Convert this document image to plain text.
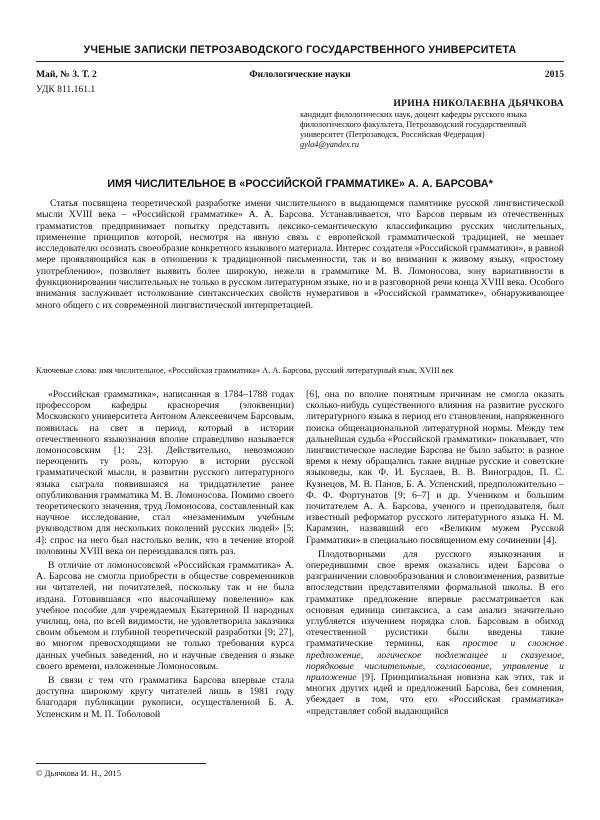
УЧЕНЫЕ ЗАПИСКИ ПЕТРОЗАВОДСКОГО ГОСУДАРСТВЕННОГО УНИВЕРСИТЕТА
Май, № 3. Т. 2	Филологические науки	2015
УДК 811.161.1
ИРИНА НИКОЛАЕВНА ДЬЯЧКОВА
кандидат филологических наук, доцент кафедры русского языка филологического факультета, Петрозаводский государственный университет (Петрозаводск, Российская Федерация)
gyla4@yandex.ru
ИМЯ ЧИСЛИТЕЛЬНОЕ В «РОССИЙСКОЙ ГРАММАТИКЕ» А. А. БАРСОВА*

Статья посвящена теоретической разработке имени числительного в выдающемся памятнике русской лингвистической мысли XVIII века – «Российской грамматике» А. А. Барсова. Устанавливается, что Барсов первым из отечественных грамматистов предпринимает попытку представить лексико-семантическую классификацию русских числительных, применение принципов которой, несмотря на явную связь с европейской грамматической традицией, не мешает исследователю осознать своеобразие конкретного языкового материала. Интерес создателя «Российской грамматики», в равной мере проявляющийся как в отношении к традиционной письменности, так и во внимании к живому языку, «простому употреблению», позволяет выявить более широкую, нежели в грамматике М. В. Ломоносова, зону вариативности в функционировании числительных не только в русском литературном языке, но и в разговорной речи конца XVIII века. Особого внимания заслуживает истолкование синтаксических свойств нумеративов в «Российской грамматике», обнаруживающее много общего с их современной лингвистической интерпретацией.

Ключевые слова: имя числительное, «Российская грамматика» А. А. Барсова, русский литературный язык, XVIII век

«Российская грамматика», написанная в 1784–1788 годах профессором кафедры красноречия (элоквенции) Московского университета Антоном Алексеевичем Барсовым, появилась на свет в период, который в истории отечественного языкознания вполне справедливо называется ломоносовским [1; 23]. Действительно, невозможно переоценить ту роль, которую в истории русской грамматической мысли, в развитии русского литературного языка сыграла появившаяся на тридцатилетие ранее опубликования грамматика М. В. Ломоносова. Помимо своего теоретического значения, труд Ломоносова, составленный как научное исследование, стал «незаменимым учебным руководством для нескольких поколений русских людей» [5; 4]: спрос на него был настолько велик, что в течение второй половины XVIII века он переиздавался пять раз.

В отличие от ломоносовской «Российская грамматика» А. А. Барсова не смогла приобрести в обществе современников ни читателей, ни почитателей, поскольку так и не была издана. Готовившаяся «по высочайшему повелению» как учебное пособие для учреждаемых Екатериной II народных училищ, она, по всей видимости, не удовлетворила заказчика своим объемом и глубиной теоретической разработки [9; 27], во многом превосходящими не только требования курса данных учебных заведений, но и научные сведения о языке своего времени, изложенные Ломоносовым.

В связи с тем что грамматика Барсова впервые стала доступна широкому кругу читателей лишь в 1981 году благодаря публикации рукописи, осуществленной Б. А. Успенским и М. П. Тоболовой

[6], она по вполне понятным причинам не смогла оказать сколько-нибудь существенного влияния на развитие русского литературного языка в период его становления, напряженного поиска общенациональной литературной нормы. Между тем дальнейшая судьба «Российской грамматики» показывает, что лингвистическое наследие Барсова не было забыто: в разное время к нему обращались такие видные русские и советские языковеды, как Ф. И. Буслаев, В. В. Виноградов, П. С. Кузнецов, М. В. Панов, Б. А. Успенский, предположительно – Ф. Ф. Фортунатов [9; 6–7] и др. Учеником и большим почитателем А. А. Барсова, ученого и преподавателя, был известный реформатор русского литературного языка Н. М. Карамзин, назвавший его «Великим мужем Русской Грамматики» в специально посвященном ему сочинении [4].

Плодотворными для русского языкознания и опередившими свое время оказались идеи Барсова о разграничении словообразования и словоизменения, развитые впоследствии представителями формальной школы. В его грамматике предложение впервые рассматривается как основная единица синтаксиса, а сам анализ значительно углубляется изучением порядка слов. Барсовым в обиход отечественной русистики были введены такие грамматические термины, как простое и сложное предложение, логическое подлежащее и сказуемое, порядковые числительные, согласование, управление и приложение [9]. Принципиальная новизна как этих, так и многих других идей и предложений Барсова, без сомнения, убеждает в том, что его «Российская грамматика» «представляет собой выдающийся

© Дьячкова И. Н., 2015
